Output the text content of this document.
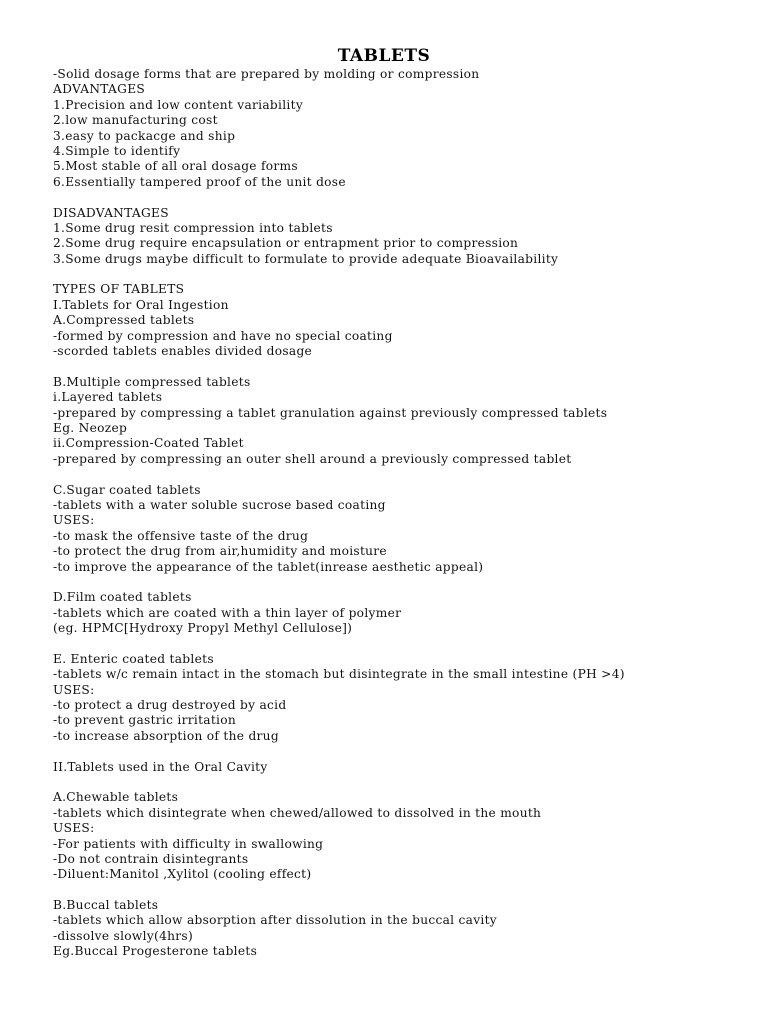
TABLETS
-Solid dosage forms that are prepared by molding or compression
ADVANTAGES
1.Precision and low content variability
2.low manufacturing cost
3.easy to packacge and ship
4.Simple to identify
5.Most stable of all oral dosage forms
6.Essentially tampered proof of the unit dose
DISADVANTAGES
1.Some drug resit compression into tablets
2.Some drug require encapsulation or entrapment prior to compression
3.Some drugs maybe difficult to formulate to provide adequate Bioavailability
TYPES OF TABLETS
I.Tablets for Oral Ingestion
A.Compressed tablets
-formed by compression and have no special coating
-scorded tablets enables divided dosage
B.Multiple compressed tablets
i.Layered tablets
-prepared by compressing a tablet granulation against previously compressed tablets
Eg. Neozep
ii.Compression-Coated Tablet
-prepared by compressing an outer shell around a previously compressed tablet
C.Sugar coated tablets
-tablets with a water soluble sucrose based coating
USES:
-to mask the offensive taste of the drug
-to protect the drug from air,humidity and moisture
-to improve the appearance of the tablet(inrease aesthetic appeal)
D.Film coated tablets
-tablets which are coated with a thin layer of polymer
(eg. HPMC[Hydroxy Propyl Methyl Cellulose])
E. Enteric coated tablets
-tablets w/c remain intact in the stomach but disintegrate in the small intestine (PH >4)
USES:
-to protect a drug destroyed by acid
-to prevent gastric irritation
-to increase absorption of the drug
II.Tablets used in the Oral Cavity
A.Chewable tablets
-tablets which disintegrate when chewed/allowed to dissolved in the mouth
USES:
-For patients with difficulty in swallowing
-Do not contrain disintegrants
-Diluent:Manitol ,Xylitol (cooling effect)
B.Buccal tablets
-tablets which allow absorption after dissolution in the buccal cavity
-dissolve slowly(4hrs)
Eg.Buccal Progesterone tablets
